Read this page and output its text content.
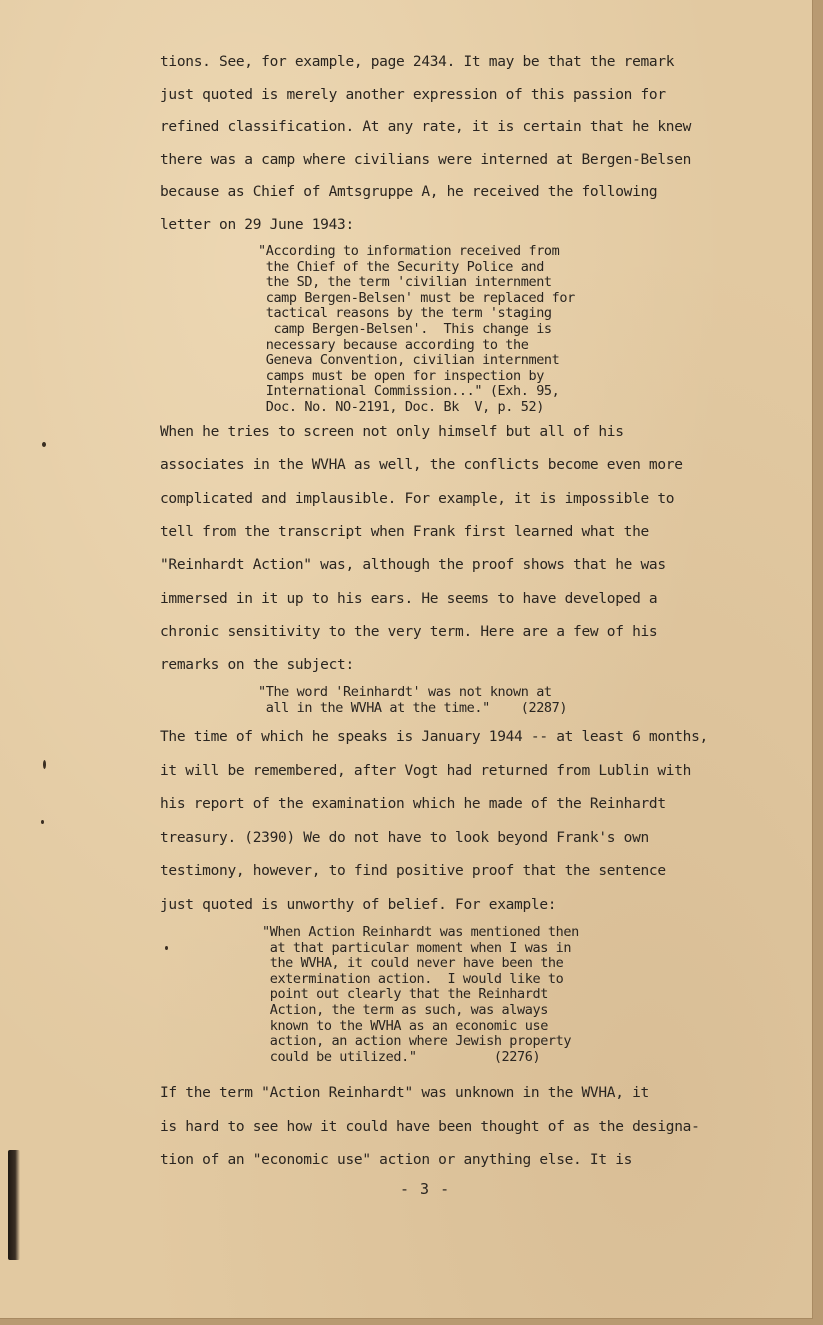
tions. See, for example, page 2434. It may be that the remark

just quoted is merely another expression of this passion for

refined classification. At any rate, it is certain that he knew

there was a camp where civilians were interned at Bergen-Belsen

because as Chief of Amtsgruppe A, he received the following

letter on 29 June 1943:

"According to information received from

the Chief of the Security Police and

the SD, the term 'civilian internment

camp Bergen-Belsen' must be replaced for

tactical reasons by the term 'staging

camp Bergen-Belsen'.  This change is

necessary because according to the

Geneva Convention, civilian internment

camps must be open for inspection by

International Commission..." (Exh. 95,

Doc. No. NO-2191, Doc. Bk  V, p. 52)

When he tries to screen not only himself but all of his

associates in the WVHA as well, the conflicts become even more

complicated and implausible. For example, it is impossible to

tell from the transcript when Frank first learned what the

"Reinhardt Action" was, although the proof shows that he was

immersed in it up to his ears. He seems to have developed a

chronic sensitivity to the very term. Here are a few of his

remarks on the subject:

"The word 'Reinhardt' was not known at

all in the WVHA at the time."    (2287)

The time of which he speaks is January 1944 -- at least 6 months,

it will be remembered, after Vogt had returned from Lublin with

his report of the examination which he made of the Reinhardt

treasury. (2390) We do not have to look beyond Frank's own

testimony, however, to find positive proof that the sentence

just quoted is unworthy of belief. For example:

"When Action Reinhardt was mentioned then

at that particular moment when I was in

the WVHA, it could never have been the

extermination action.  I would like to

point out clearly that the Reinhardt

Action, the term as such, was always

known to the WVHA as an economic use

action, an action where Jewish property

could be utilized."          (2276)

If the term "Action Reinhardt" was unknown in the WVHA, it

is hard to see how it could have been thought of as the designa-

tion of an "economic use" action or anything else. It is

- 3 -
